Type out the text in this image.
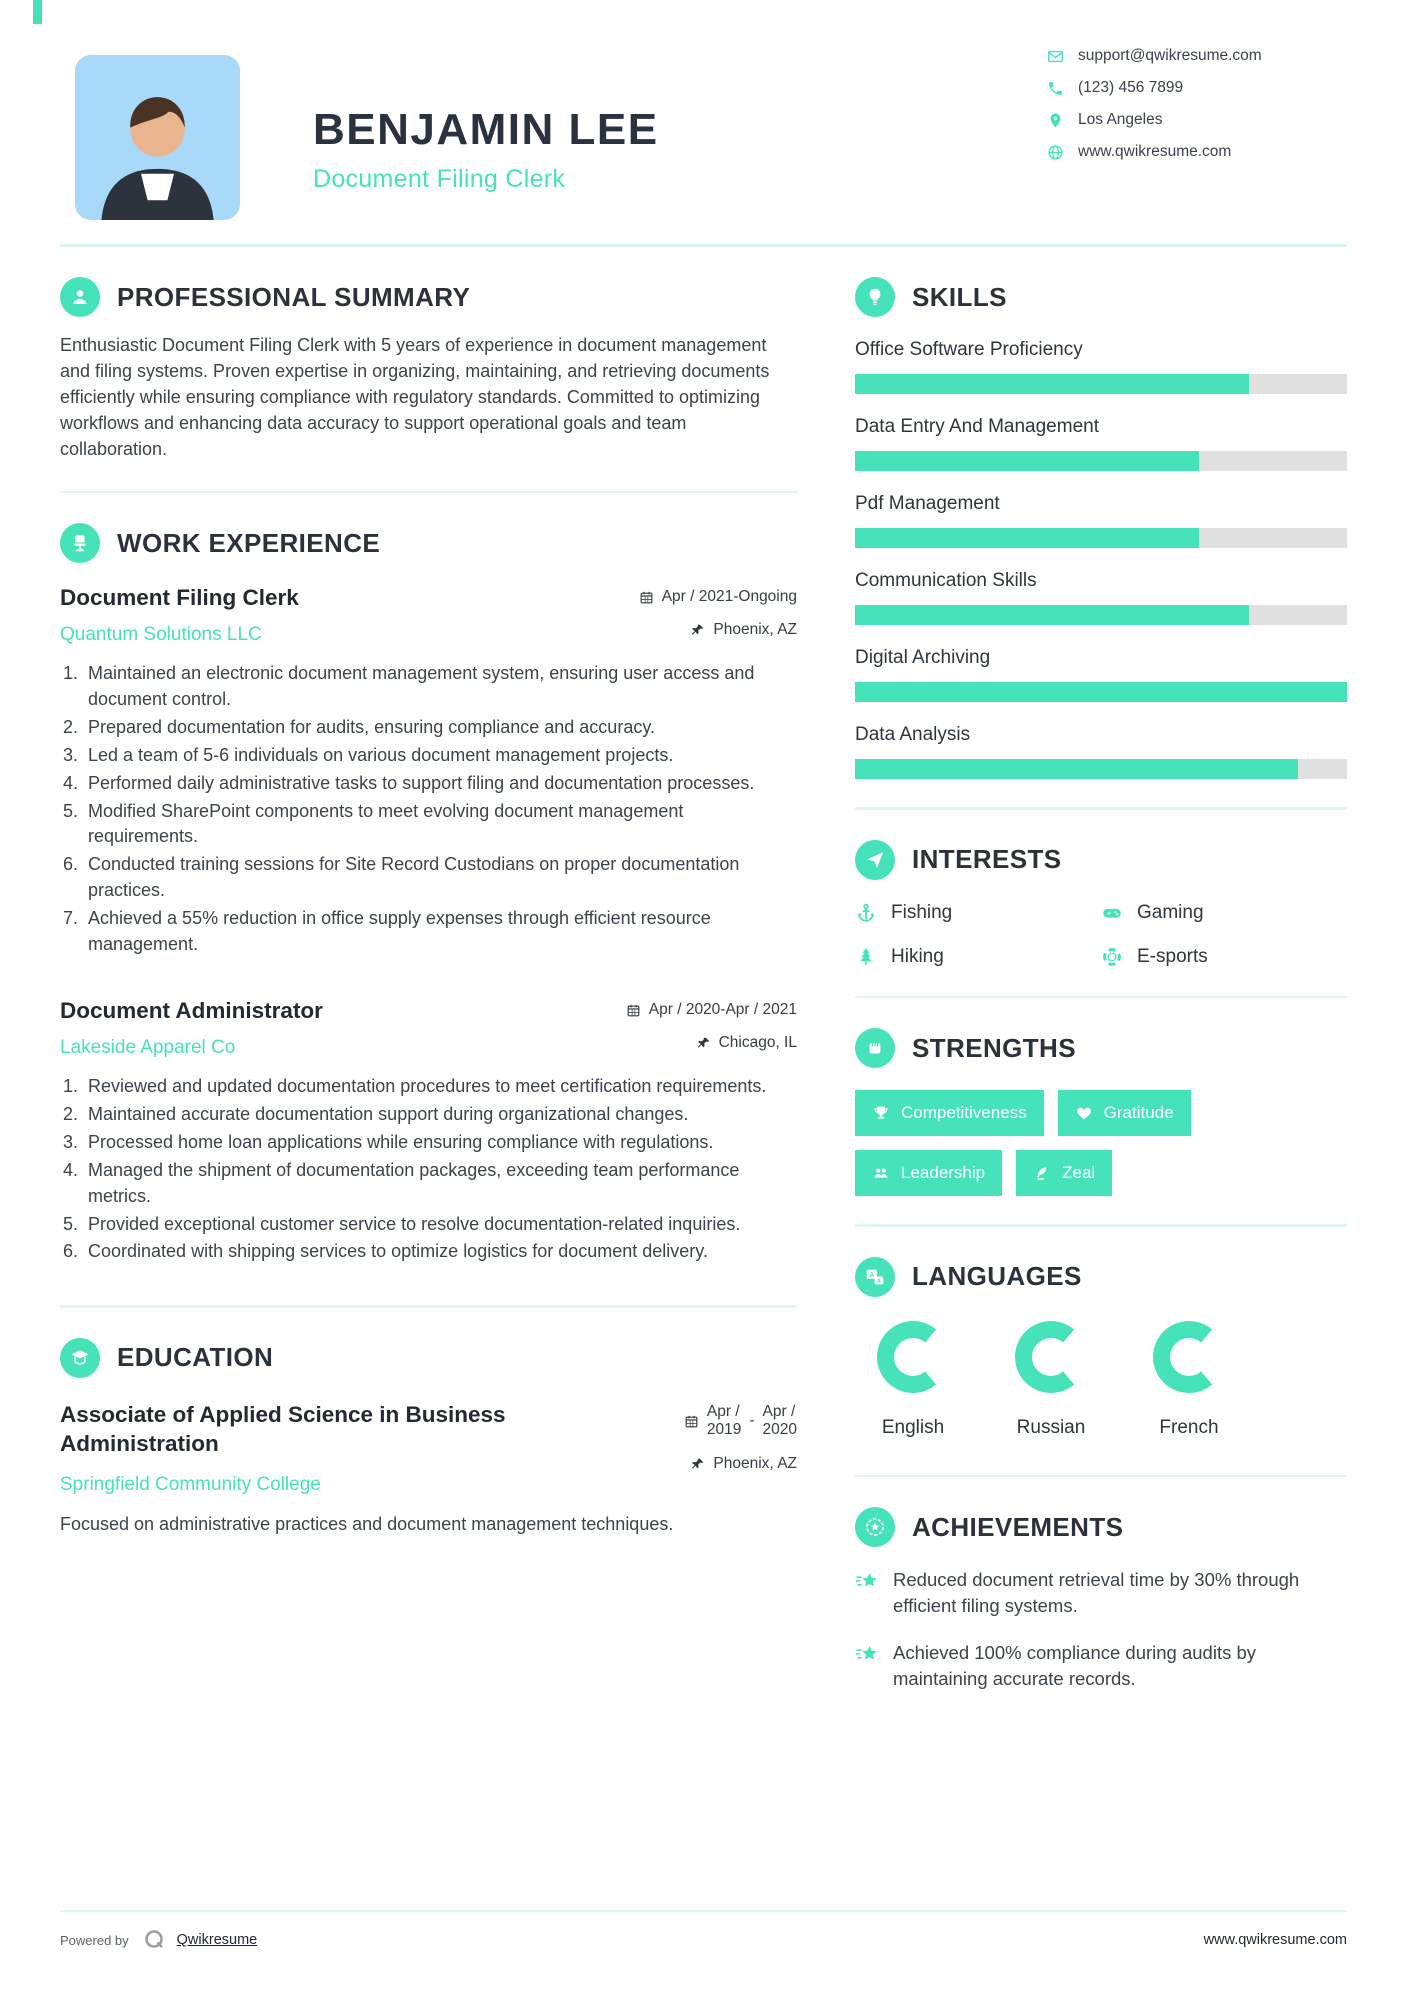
BENJAMIN LEE
Document Filing Clerk
support@qwikresume.com
(123) 456 7899
Los Angeles
www.qwikresume.com
PROFESSIONAL SUMMARY

Enthusiastic Document Filing Clerk with 5 years of experience in document management and filing systems. Proven expertise in organizing, maintaining, and retrieving documents efficiently while ensuring compliance with regulatory standards. Committed to optimizing workflows and enhancing data accuracy to support operational goals and team collaboration.

WORK EXPERIENCE
Document Filing Clerk
Quantum Solutions LLC
Apr / 2021-Ongoing
Phoenix, AZ
Maintained an electronic document management system, ensuring user access and document control.
Prepared documentation for audits, ensuring compliance and accuracy.
Led a team of 5-6 individuals on various document management projects.
Performed daily administrative tasks to support filing and documentation processes.
Modified SharePoint components to meet evolving document management requirements.
Conducted training sessions for Site Record Custodians on proper documentation practices.
Achieved a 55% reduction in office supply expenses through efficient resource management.
Document Administrator
Lakeside Apparel Co
Apr / 2020-Apr / 2021
Chicago, IL
Reviewed and updated documentation procedures to meet certification requirements.
Maintained accurate documentation support during organizational changes.
Processed home loan applications while ensuring compliance with regulations.
Managed the shipment of documentation packages, exceeding team performance metrics.
Provided exceptional customer service to resolve documentation-related inquiries.
Coordinated with shipping services to optimize logistics for document delivery.
EDUCATION
Associate of Applied Science in Business Administration
Springfield Community College
Apr /
2019
-
Apr /
2020
Phoenix, AZ

Focused on administrative practices and document management techniques.

SKILLS
Office Software Proficiency
Data Entry And Management
Pdf Management
Communication Skills
Digital Archiving
Data Analysis
INTERESTS
Fishing	Gaming
Hiking	E-sports
STRENGTHS
Competitiveness	Gratitude
Leadership	Zeal
A
a LANGUAGES
English	Russian	French
ACHIEVEMENTS
Reduced document retrieval time by 30% through efficient filing systems.
Achieved 100% compliance during audits by maintaining accurate records.
Powered by	Qwikresume	www.qwikresume.com
